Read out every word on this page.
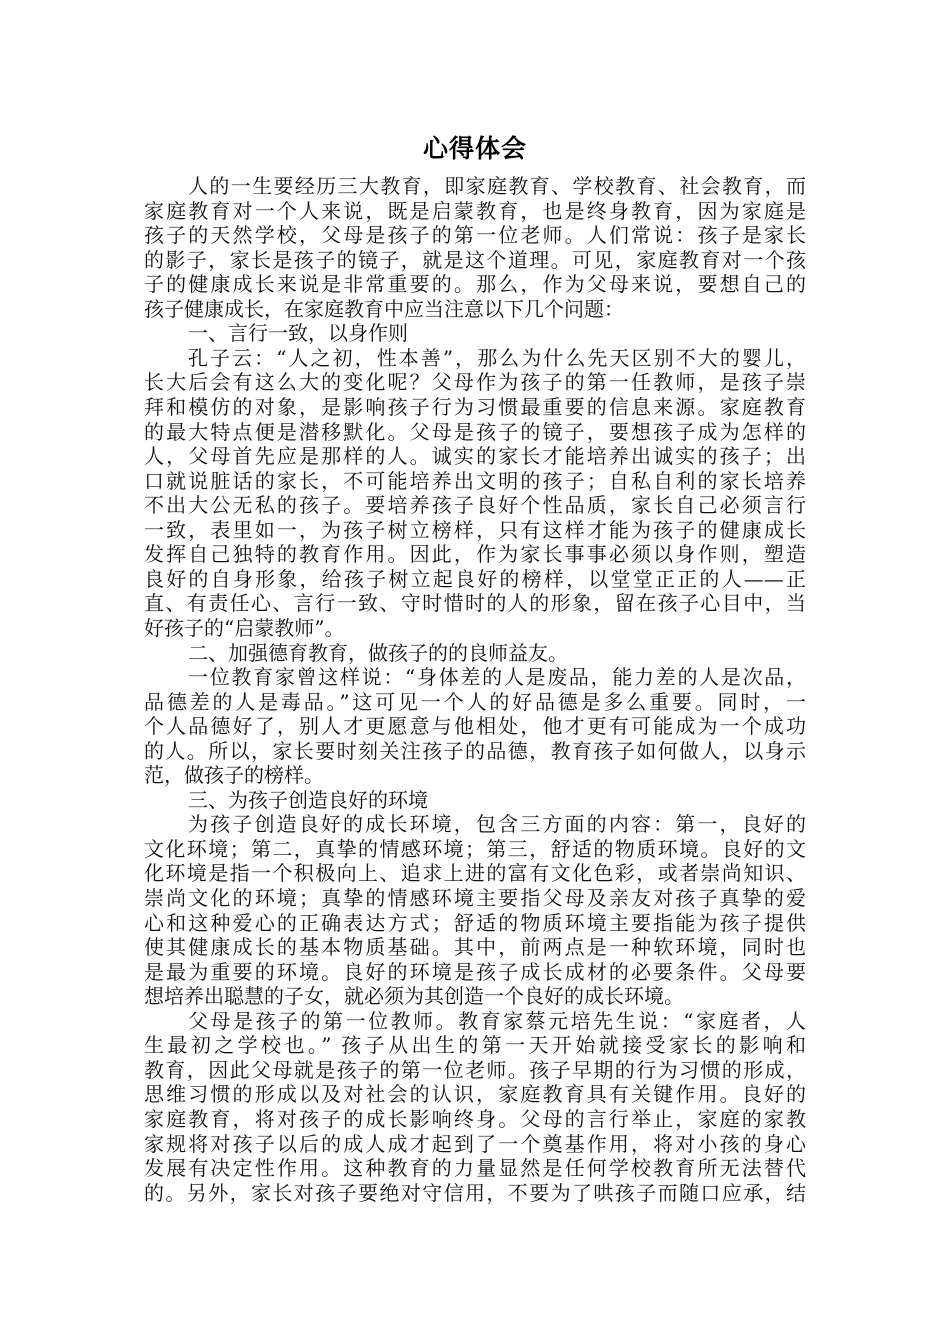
心得体会
人的一生要经历三大教育，即家庭教育、学校教育、社会教育，而
家庭教育对一个人来说，既是启蒙教育，也是终身教育，因为家庭是
孩子的天然学校，父母是孩子的第一位老师。人们常说：孩子是家长
的影子，家长是孩子的镜子，就是这个道理。可见，家庭教育对一个孩
子的健康成长来说是非常重要的。那么，作为父母来说，要想自己的
孩子健康成长，在家庭教育中应当注意以下几个问题：
一、言行一致，以身作则
孔子云：“人之初，性本善”，那么为什么先天区别不大的婴儿，
长大后会有这么大的变化呢？父母作为孩子的第一任教师，是孩子崇
拜和模仿的对象，是影响孩子行为习惯最重要的信息来源。家庭教育
的最大特点便是潜移默化。父母是孩子的镜子，要想孩子成为怎样的
人，父母首先应是那样的人。诚实的家长才能培养出诚实的孩子；出
口就说脏话的家长，不可能培养出文明的孩子；自私自利的家长培养
不出大公无私的孩子。要培养孩子良好个性品质，家长自己必须言行
一致，表里如一，为孩子树立榜样，只有这样才能为孩子的健康成长
发挥自己独特的教育作用。因此，作为家长事事必须以身作则，塑造
良好的自身形象，给孩子树立起良好的榜样，以堂堂正正的人——正
直、有责任心、言行一致、守时惜时的人的形象，留在孩子心目中，当
好孩子的“启蒙教师”。
二、加强德育教育，做孩子的的良师益友。
一位教育家曾这样说：“身体差的人是废品，能力差的人是次品，
品德差的人是毒品。”这可见一个人的好品德是多么重要。同时，一
个人品德好了，别人才更愿意与他相处，他才更有可能成为一个成功
的人。所以，家长要时刻关注孩子的品德，教育孩子如何做人，以身示
范，做孩子的榜样。
三、为孩子创造良好的环境
为孩子创造良好的成长环境，包含三方面的内容：第一，良好的
文化环境；第二，真挚的情感环境；第三，舒适的物质环境。良好的文
化环境是指一个积极向上、追求上进的富有文化色彩，或者崇尚知识、
崇尚文化的环境；真挚的情感环境主要指父母及亲友对孩子真挚的爱
心和这种爱心的正确表达方式；舒适的物质环境主要指能为孩子提供
使其健康成长的基本物质基础。其中，前两点是一种软环境，同时也
是最为重要的环境。良好的环境是孩子成长成材的必要条件。父母要
想培养出聪慧的子女，就必须为其创造一个良好的成长环境。
父母是孩子的第一位教师。教育家蔡元培先生说：“家庭者，人
生最初之学校也。” 孩子从出生的第一天开始就接受家长的影响和
教育，因此父母就是孩子的第一位老师。孩子早期的行为习惯的形成，
思维习惯的形成以及对社会的认识，家庭教育具有关键作用。良好的
家庭教育，将对孩子的成长影响终身。父母的言行举止，家庭的家教
家规将对孩子以后的成人成才起到了一个奠基作用，将对小孩的身心
发展有决定性作用。这种教育的力量显然是任何学校教育所无法替代
的。另外，家长对孩子要绝对守信用，不要为了哄孩子而随口应承，结
